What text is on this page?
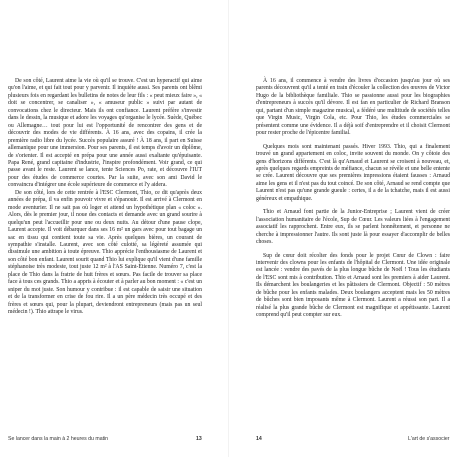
De son côté, Laurent aime la vie où qu'il se trouve. C'est un hyperactif qui aime qu'on l'aime, et qui fait tout pour y parvenir. Il inquiète aussi. Ses parents ont blêmi plusieurs fois en regardant les bulletins de notes de leur fils : « peut mieux faire », « doit se concentrer, se canaliser », « amuseur public » suivi par autant de convocations chez le directeur. Mais ils ont confiance. Laurent préfère s'investir dans le dessin, la musique et adore les voyages qu'organise le lycée. Suède, Québec ou Allemagne… tout pour lui est l'opportunité de rencontrer des gens et de découvrir des modes de vie différents. À 16 ans, avec des copains, il crée la première radio libre du lycée. Succès populaire assuré ! À 18 ans, il part en Suisse allemanique pour une immersion. Pour ses parents, il est temps d'avoir un diplôme, de s'orienter. Il est accepté en prépa pour une année aussi exaltante qu'épuisante. Papa René, grand capitaine d'industrie, l'inspire profondément. Voir grand, ce qui passe avant le reste. Laurent se lance, tente Sciences Po, rate, et découvre l'IUT pour des études de commerce courtes. Par la suite, avec son ami David le convaincra d'intégrer une école supérieure de commerce et l'y aidera.

De son côté, lors de cette rentrée à l'ESC Clermont, Thio, ce dit qu'après deux années de prépa, il va enfin pouvoir vivre et s'épanouir. Il est arrivé à Clermont en mode aventurier. Il ne sait pas où loger et attend un hypothétique plan « coloc ». Alors, dès le premier jour, il noue des contacts et demande avec un grand sourire à quelqu'un peut l'accueillir pour une ou deux nuits. Au détour d'une pause clope, Laurent accepte. Il voit débarquer dans ses 16 m² un gars avec pour tout bagage un sac en tissu qui contient toute sa vie. Après quelques bières, un courant de sympathie s'installe. Laurent, avec son côté culotté, sa légèreté assumée qui dissimule une ambition à toute épreuve. Thio apprécie l'enthousiasme de Laurent et son côté bon enfant. Laurent sourit quand Thio lui explique qu'il vient d'une famille stéphanoise très modeste, tout juste 12 m² à l'AS Saint-Étienne. Numéro 7, c'est la place de Thio dans la fratrie de huit frères et sœurs. Pas facile de trouver sa place face à tous ces grands. Thio a appris à écouter et à parler au bon moment : « c'est un sniper du mot juste. Son humour y contribue : il est capable de saisir une situation et de la transformer en crise de fou rire. Il a un père médecin très occupé et des frères et sœurs qui, pour la plupart, deviendront entrepreneurs (mais pas un seul médecin !). Thio attrape le virus.

Se lancer dans la main à 2 heures du matin	13

À 16 ans, il commence à vendre des livres d'occasion jusqu'au jour où ses parents découvrent qu'il a tenté en train d'écouler la collection des œuvres de Victor Hugo de la bibliothèque familiale. Thio se passionne aussi pour les biographies d'entrepreneurs à succès qu'il dévore. Il est fan en particulier de Richard Branson qui, partant d'un simple magazine musical, a fédéré une multitude de sociétés telles que Virgin Music, Virgin Cola, etc. Pour Thio, les études commerciales se présentent comme une évidence. Il a déjà soif d'entreprendre et il choisit Clermont pour rester proche de l'épicentre familial.

Quelques mois sont maintenant passés. Hiver 1993. Thio, qui a finalement trouvé un grand appartement en coloc, invite souvent du monde. On y côtoie des gens d'horizons différents. C'est là qu'Arnaud et Laurent se croisent à nouveau, et, après quelques regards empreints de méfiance, chacun se révèle et une belle entente se crée. Laurent découvre que ses premières impressions étaient fausses : Arnaud aime les gens et il n'est pas du tout coincé. De son côté, Arnaud se rend compte que Laurent n'est pas qu'une grande gueule : certes, il a de la tchatche, mais il est aussi généreux et empathique.

Thio et Arnaud font partie de la Junior-Entreprise ; Laurent vient de créer l'association humanitaire de l'école, Sup de Cœur. Les valeurs liées à l'engagement associatif les rapprochent. Entre eux, ils se parlent honnêtement, et personne ne cherche à impressionner l'autre. Ils sont juste là pour essayer d'accomplir de belles choses.

Sup de cœur doit récolter des fonds pour le projet Cœur de Clown : faire intervenir des clowns pour les enfants de l'hôpital de Clermont. Une idée originale est lancée : vendre des pavés de la plus longue bûche de Noël ! Tous les étudiants de l'ESC sont mis à contribution. Thio et Arnaud sont les premiers à aider Laurent. Ils démarchent les boulangeries et les pâtissiers de Clermont. Objectif : 50 mètres de bûche pour les enfants malades. Deux boulangers acceptent mais les 50 mètres de bûches sont bien imposants même à Clermont. Laurent a réussi son pari. Il a réalisé la plus grande bûche de Clermont est magnifique et appétissante. Laurent comprend qu'il peut compter sur eux.

14	L'art de s'associer
